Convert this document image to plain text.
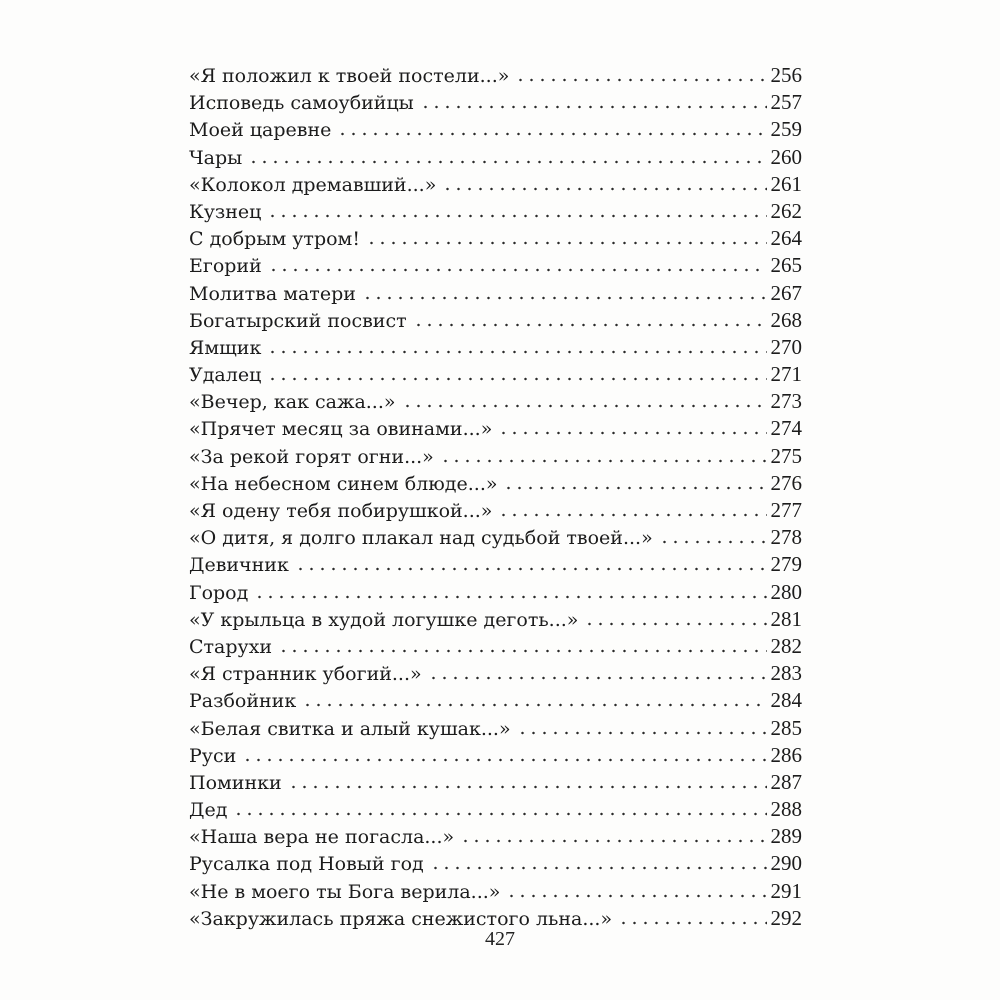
«Я положил к твоей постели...»	256
Исповедь самоубийцы	257
Моей царевне	259
Чары	260
«Колокол дремавший...»	261
Кузнец	262
С добрым утром!	264
Егорий	265
Молитва матери	267
Богатырский посвист	268
Ямщик	270
Удалец	271
«Вечер, как сажа...»	273
«Прячет месяц за овинами...»	274
«За рекой горят огни...»	275
«На небесном синем блюде...»	276
«Я одену тебя побирушкой...»	277
«О дитя, я долго плакал над судьбой твоей...»	278
Девичник	279
Город	280
«У крыльца в худой логушке деготь...»	281
Старухи	282
«Я странник убогий...»	283
Разбойник	284
«Белая свитка и алый кушак...»	285
Руси	286
Поминки	287
Дед	288
«Наша вера не погасла...»	289
Русалка под Новый год	290
«Не в моего ты Бога верила...»	291
«Закружилась пряжа снежистого льна...»	292
427
